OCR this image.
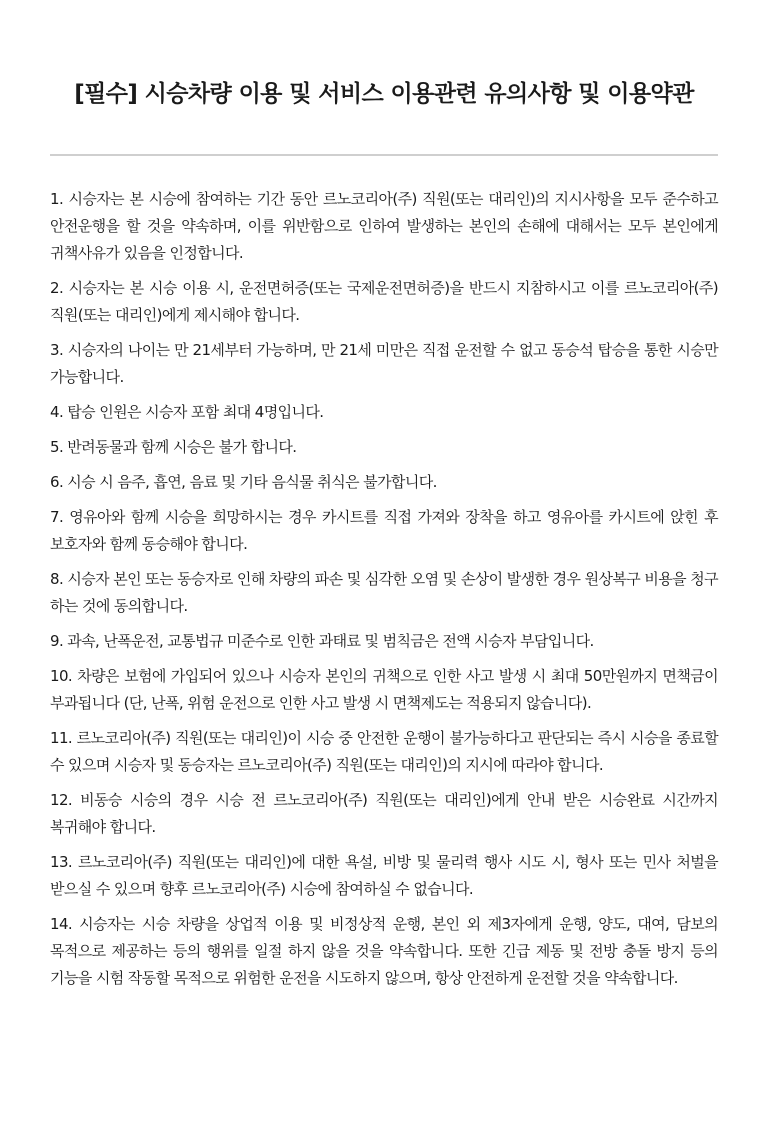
[필수] 시승차량 이용 및 서비스 이용관련 유의사항 및 이용약관
1. 시승자는 본 시승에 참여하는 기간 동안 르노코리아(주) 직원(또는 대리인)의 지시사항을 모두 준수하고 안전운행을 할 것을 약속하며, 이를 위반함으로 인하여 발생하는 본인의 손해에 대해서는 모두 본인에게 귀책사유가 있음을 인정합니다.
2. 시승자는 본 시승 이용 시, 운전면허증(또는 국제운전면허증)을 반드시 지참하시고 이를 르노코리아(주) 직원(또는 대리인)에게 제시해야 합니다.
3. 시승자의 나이는 만 21세부터 가능하며, 만 21세 미만은 직접 운전할 수 없고 동승석 탑승을 통한 시승만 가능합니다.
4. 탑승 인원은 시승자 포함 최대 4명입니다.
5. 반려동물과 함께 시승은 불가 합니다.
6. 시승 시 음주, 흡연, 음료 및 기타 음식물 취식은 불가합니다.
7. 영유아와 함께 시승을 희망하시는 경우 카시트를 직접 가져와 장착을 하고 영유아를 카시트에 앉힌 후 보호자와 함께 동승해야 합니다.
8. 시승자 본인 또는 동승자로 인해 차량의 파손 및 심각한 오염 및 손상이 발생한 경우 원상복구 비용을 청구 하는 것에 동의합니다.
9. 과속, 난폭운전, 교통법규 미준수로 인한 과태료 및 범칙금은 전액 시승자 부담입니다.
10. 차량은 보험에 가입되어 있으나 시승자 본인의 귀책으로 인한 사고 발생 시 최대 50만원까지 면책금이 부과됩니다 (단, 난폭, 위험 운전으로 인한 사고 발생 시 면책제도는 적용되지 않습니다).
11. 르노코리아(주) 직원(또는 대리인)이 시승 중 안전한 운행이 불가능하다고 판단되는 즉시 시승을 종료할 수 있으며 시승자 및 동승자는 르노코리아(주) 직원(또는 대리인)의 지시에 따라야 합니다.
12. 비동승 시승의 경우 시승 전 르노코리아(주) 직원(또는 대리인)에게 안내 받은 시승완료 시간까지 복귀해야 합니다.
13. 르노코리아(주) 직원(또는 대리인)에 대한 욕설, 비방 및 물리력 행사 시도 시, 형사 또는 민사 처벌을 받으실 수 있으며 향후 르노코리아(주) 시승에 참여하실 수 없습니다.
14. 시승자는 시승 차량을 상업적 이용 및 비정상적 운행, 본인 외 제3자에게 운행, 양도, 대여, 담보의 목적으로 제공하는 등의 행위를 일절 하지 않을 것을 약속합니다. 또한 긴급 제동 및 전방 충돌 방지 등의 기능을 시험 작동할 목적으로 위험한 운전을 시도하지 않으며, 항상 안전하게 운전할 것을 약속합니다.
